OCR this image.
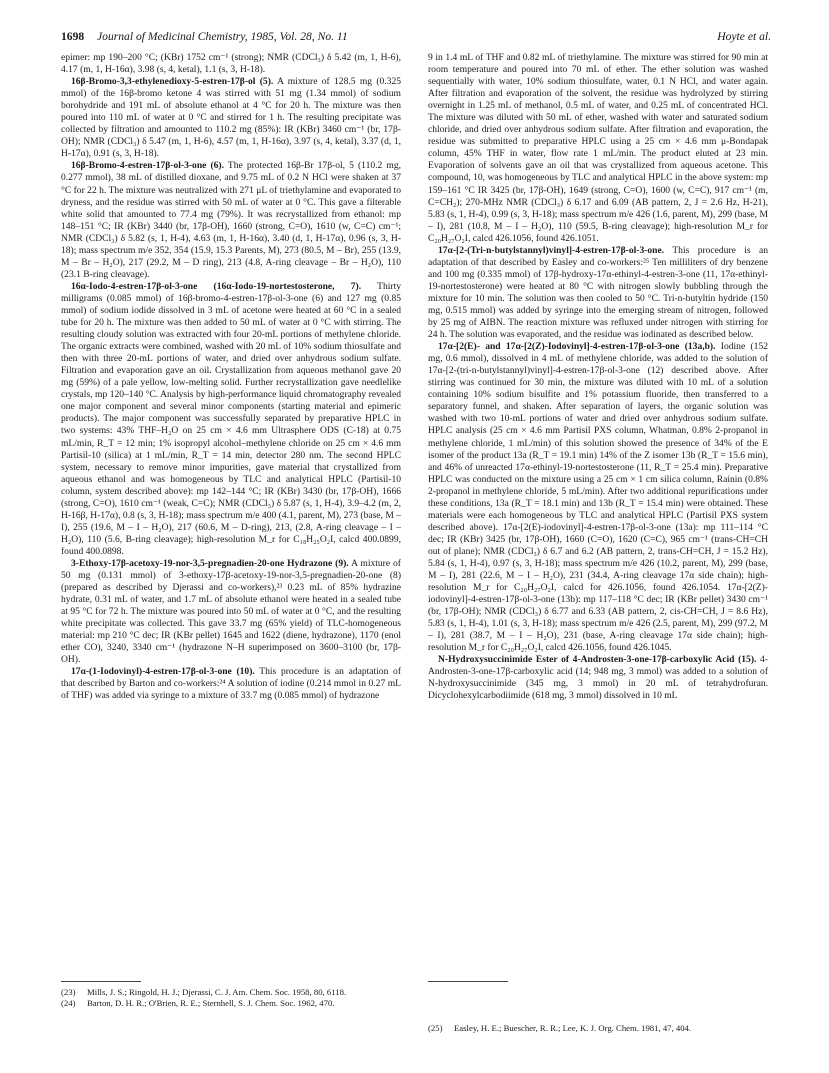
1698 Journal of Medicinal Chemistry, 1985, Vol. 28, No. 11	Hoyte et al.

epimer: mp 190–200 °C; (KBr) 1752 cm⁻¹ (strong); NMR (CDCl₃) δ 5.42 (m, 1, H-6), 4.17 (m, 1, H-16α), 3.98 (s, 4, ketal), 1.1 (s, 3, H-18).

16β-Bromo-3,3-ethylenedioxy-5-estren-17β-ol (5). A mixture of 128.5 mg (0.325 mmol) of the 16β-bromo ketone 4 was stirred with 51 mg (1.34 mmol) of sodium borohydride and 191 mL of absolute ethanol at 4 °C for 20 h. The mixture was then poured into 110 mL of water at 0 °C and stirred for 1 h. The resulting precipitate was collected by filtration and amounted to 110.2 mg (85%): IR (KBr) 3460 cm⁻¹ (br, 17β-OH); NMR (CDCl₃) δ 5.47 (m, 1, H-6), 4.57 (m, 1, H-16α), 3.97 (s, 4, ketal), 3.37 (d, 1, H-17α), 0.91 (s, 3, H-18).

16β-Bromo-4-estren-17β-ol-3-one (6). The protected 16β-Br 17β-ol, 5 (110.2 mg, 0.277 mmol), 38 mL of distilled dioxane, and 9.75 mL of 0.2 N HCl were shaken at 37 °C for 22 h. The mixture was neutralized with 271 μL of triethylamine and evaporated to dryness, and the residue was stirred with 50 mL of water at 0 °C. This gave a filterable white solid that amounted to 77.4 mg (79%). It was recrystallized from ethanol: mp 148–151 °C; IR (KBr) 3440 (br, 17β-OH), 1660 (strong, C=O), 1610 (w, C=C) cm⁻¹; NMR (CDCl₃) δ 5.82 (s, 1, H-4), 4.63 (m, 1, H-16α), 3.40 (d, 1, H-17α), 0.96 (s, 3, H-18); mass spectrum m/e 352, 354 (15.9, 15.3 Parents, M), 273 (80.5, M – Br), 255 (13.9, M – Br – H₂O), 217 (29.2, M – D ring), 213 (4.8, A-ring cleavage – Br – H₂O), 110 (23.1 B-ring cleavage).

16α-Iodo-4-estren-17β-ol-3-one (16α-Iodo-19-nortestosterone, 7). Thirty milligrams (0.085 mmol) of 16β-bromo-4-estren-17β-ol-3-one (6) and 127 mg (0.85 mmol) of sodium iodide dissolved in 3 mL of acetone were heated at 60 °C in a sealed tube for 20 h. The mixture was then added to 50 mL of water at 0 °C with stirring. The resulting cloudy solution was extracted with four 20-mL portions of methylene chloride. The organic extracts were combined, washed with 20 mL of 10% sodium thiosulfate and then with three 20-mL portions of water, and dried over anhydrous sodium sulfate. Filtration and evaporation gave an oil. Crystallization from aqueous methanol gave 20 mg (59%) of a pale yellow, low-melting solid. Further recrystallization gave needlelike crystals, mp 120–140 °C. Analysis by high-performance liquid chromatography revealed one major component and several minor components (starting material and epimeric products). The major component was successfully separated by preparative HPLC in two systems: 43% THF–H₂O on 25 cm × 4.6 mm Ultrasphere ODS (C-18) at 0.75 mL/min, R_T = 12 min; 1% isopropyl alcohol–methylene chloride on 25 cm × 4.6 mm Partisil-10 (silica) at 1 mL/min, R_T = 14 min, detector 280 nm. The second HPLC system, necessary to remove minor impurities, gave material that crystallized from aqueous ethanol and was homogeneous by TLC and analytical HPLC (Partisil-10 column, system described above): mp 142–144 °C; IR (KBr) 3430 (br, 17β-OH), 1666 (strong, C=O), 1610 cm⁻¹ (weak, C=C); NMR (CDCl₃) δ 5.87 (s, 1, H-4), 3.9–4.2 (m, 2, H-16β, H-17α), 0.8 (s, 3, H-18); mass spectrum m/e 400 (4.1, parent, M), 273 (base, M – I), 255 (19.6, M – I – H₂O), 217 (60.6, M – D-ring), 213, (2.8, A-ring cleavage – I – H₂O), 110 (5.6, B-ring cleavage); high-resolution M_r for C₁₈H₂₅O₂I, calcd 400.0899, found 400.0898.

3-Ethoxy-17β-acetoxy-19-nor-3,5-pregnadien-20-one Hydrazone (9). A mixture of 50 mg (0.131 mmol) of 3-ethoxy-17β-acetoxy-19-nor-3,5-pregnadien-20-one (8) (prepared as described by Djerassi and co-workers),²³ 0.23 mL of 85% hydrazine hydrate, 0.31 mL of water, and 1.7 mL of absolute ethanol were heated in a sealed tube at 95 °C for 72 h. The mixture was poured into 50 mL of water at 0 °C, and the resulting white precipitate was collected. This gave 33.7 mg (65% yield) of TLC-homogeneous material: mp 210 °C dec; IR (KBr pellet) 1645 and 1622 (diene, hydrazone), 1170 (enol ether CO), 3240, 3340 cm⁻¹ (hydrazone N–H superimposed on 3600–3100 (br, 17β-OH).

17α-(1-Iodovinyl)-4-estren-17β-ol-3-one (10). This procedure is an adaptation of that described by Barton and co-workers:²⁴ A solution of iodine (0.214 mmol in 0.27 mL of THF) was added via syringe to a mixture of 33.7 mg (0.085 mmol) of hydrazone

9 in 1.4 mL of THF and 0.82 mL of triethylamine. The mixture was stirred for 90 min at room temperature and poured into 70 mL of ether. The ether solution was washed sequentially with water, 10% sodium thiosulfate, water, 0.1 N HCl, and water again. After filtration and evaporation of the solvent, the residue was hydrolyzed by stirring overnight in 1.25 mL of methanol, 0.5 mL of water, and 0.25 mL of concentrated HCl. The mixture was diluted with 50 mL of ether, washed with water and saturated sodium chloride, and dried over anhydrous sodium sulfate. After filtration and evaporation, the residue was submitted to preparative HPLC using a 25 cm × 4.6 mm μ-Bondapak column, 45% THF in water, flow rate 1 mL/min. The product eluted at 23 min. Evaporation of solvents gave an oil that was crystallized from aqueous acetone. This compound, 10, was homogeneous by TLC and analytical HPLC in the above system: mp 159–161 °C IR 3425 (br, 17β-OH), 1649 (strong, C=O), 1600 (w, C=C), 917 cm⁻¹ (m, C=CH₂); 270-MHz NMR (CDCl₃) δ 6.17 and 6.09 (AB pattern, 2, J = 2.6 Hz, H-21), 5.83 (s, 1, H-4), 0.99 (s, 3, H-18); mass spectrum m/e 426 (1.6, parent, M), 299 (base, M – I), 281 (10.8, M – I – H₂O), 110 (59.5, B-ring cleavage); high-resolution M_r for C₂₀H₂₇O₂I, calcd 426.1056, found 426.1051.

17α-[2-(Tri-n-butylstannyl)vinyl]-4-estren-17β-ol-3-one. This procedure is an adaptation of that described by Easley and co-workers:²⁵ Ten milliliters of dry benzene and 100 mg (0.335 mmol) of 17β-hydroxy-17α-ethinyl-4-estren-3-one (11, 17α-ethinyl-19-nortestosterone) were heated at 80 °C with nitrogen slowly bubbling through the mixture for 10 min. The solution was then cooled to 50 °C. Tri-n-butyltin hydride (150 mg, 0.515 mmol) was added by syringe into the emerging stream of nitrogen, followed by 25 mg of AIBN. The reaction mixture was refluxed under nitrogen with stirring for 24 h. The solution was evaporated, and the residue was iodinated as described below.

17α-[2(E)- and 17α-[2(Z)-Iodovinyl]-4-estren-17β-ol-3-one (13a,b). Iodine (152 mg, 0.6 mmol), dissolved in 4 mL of methylene chloride, was added to the solution of 17α-[2-(tri-n-butylstannyl)vinyl]-4-estren-17β-ol-3-one (12) described above. After stirring was continued for 30 min, the mixture was diluted with 10 mL of a solution containing 10% sodium bisulfite and 1% potassium fluoride, then transferred to a separatory funnel, and shaken. After separation of layers, the organic solution was washed with two 10-mL portions of water and dried over anhydrous sodium sulfate. HPLC analysis (25 cm × 4.6 mm Partisil PXS column, Whatman, 0.8% 2-propanol in methylene chloride, 1 mL/min) of this solution showed the presence of 34% of the E isomer of the product 13a (R_T = 19.1 min) 14% of the Z isomer 13b (R_T = 15.6 min), and 46% of unreacted 17α-ethinyl-19-nortestosterone (11, R_T = 25.4 min). Preparative HPLC was conducted on the mixture using a 25 cm × 1 cm silica column, Rainin (0.8% 2-propanol in methylene chloride, 5 mL/min). After two additional repurifications under these conditions, 13a (R_T = 18.1 min) and 13b (R_T = 15.4 min) were obtained. These materials were each homogeneous by TLC and analytical HPLC (Partisil PXS system described above). 17α-[2(E)-iodovinyl]-4-estren-17β-ol-3-one (13a): mp 111–114 °C dec; IR (KBr) 3425 (br, 17β-OH), 1660 (C=O), 1620 (C=C), 965 cm⁻¹ (trans-CH=CH out of plane); NMR (CDCl₃) δ 6.7 and 6.2 (AB pattern, 2, trans-CH=CH, J = 15.2 Hz), 5.84 (s, 1, H-4), 0.97 (s, 3, H-18); mass spectrum m/e 426 (10.2, parent, M), 299 (base, M – I), 281 (22.6, M – I – H₂O), 231 (34.4, A-ring cleavage 17α side chain); high-resolution M_r for C₂₀H₂₇O₂I, calcd for 426.1056, found 426.1054. 17α-[2(Z)-iodovinyl]-4-estren-17β-ol-3-one (13b): mp 117–118 °C dec; IR (KBr pellet) 3430 cm⁻¹ (br, 17β-OH); NMR (CDCl₃) δ 6.77 and 6.33 (AB pattern, 2, cis-CH=CH, J = 8.6 Hz), 5.83 (s, 1, H-4), 1.01 (s, 3, H-18); mass spectrum m/e 426 (2.5, parent, M), 299 (97.2, M – I), 281 (38.7, M – I – H₂O), 231 (base, A-ring cleavage 17α side chain); high-resolution M_r for C₂₀H₂₇O₂I, calcd 426.1056, found 426.1045.

N-Hydroxysuccinimide Ester of 4-Androsten-3-one-17β-carboxylic Acid (15). 4-Androsten-3-one-17β-carboxylic acid (14; 948 mg, 3 mmol) was added to a solution of N-hydroxysuccinimide (345 mg, 3 mmol) in 20 mL of tetrahydrofuran. Dicyclohexylcarbodiimide (618 mg, 3 mmol) dissolved in 10 mL

(23)	Mills, J. S.; Ringold, H. J.; Djerassi, C. J. Am. Chem. Soc. 1958, 80, 6118.
(24)	Barton, D. H. R.; O'Brien, R. E.; Sternhell, S. J. Chem. Soc. 1962, 470.
(25)	Easley, H. E.; Buescher, R. R.; Lee, K. J. Org. Chem. 1981, 47, 404.
